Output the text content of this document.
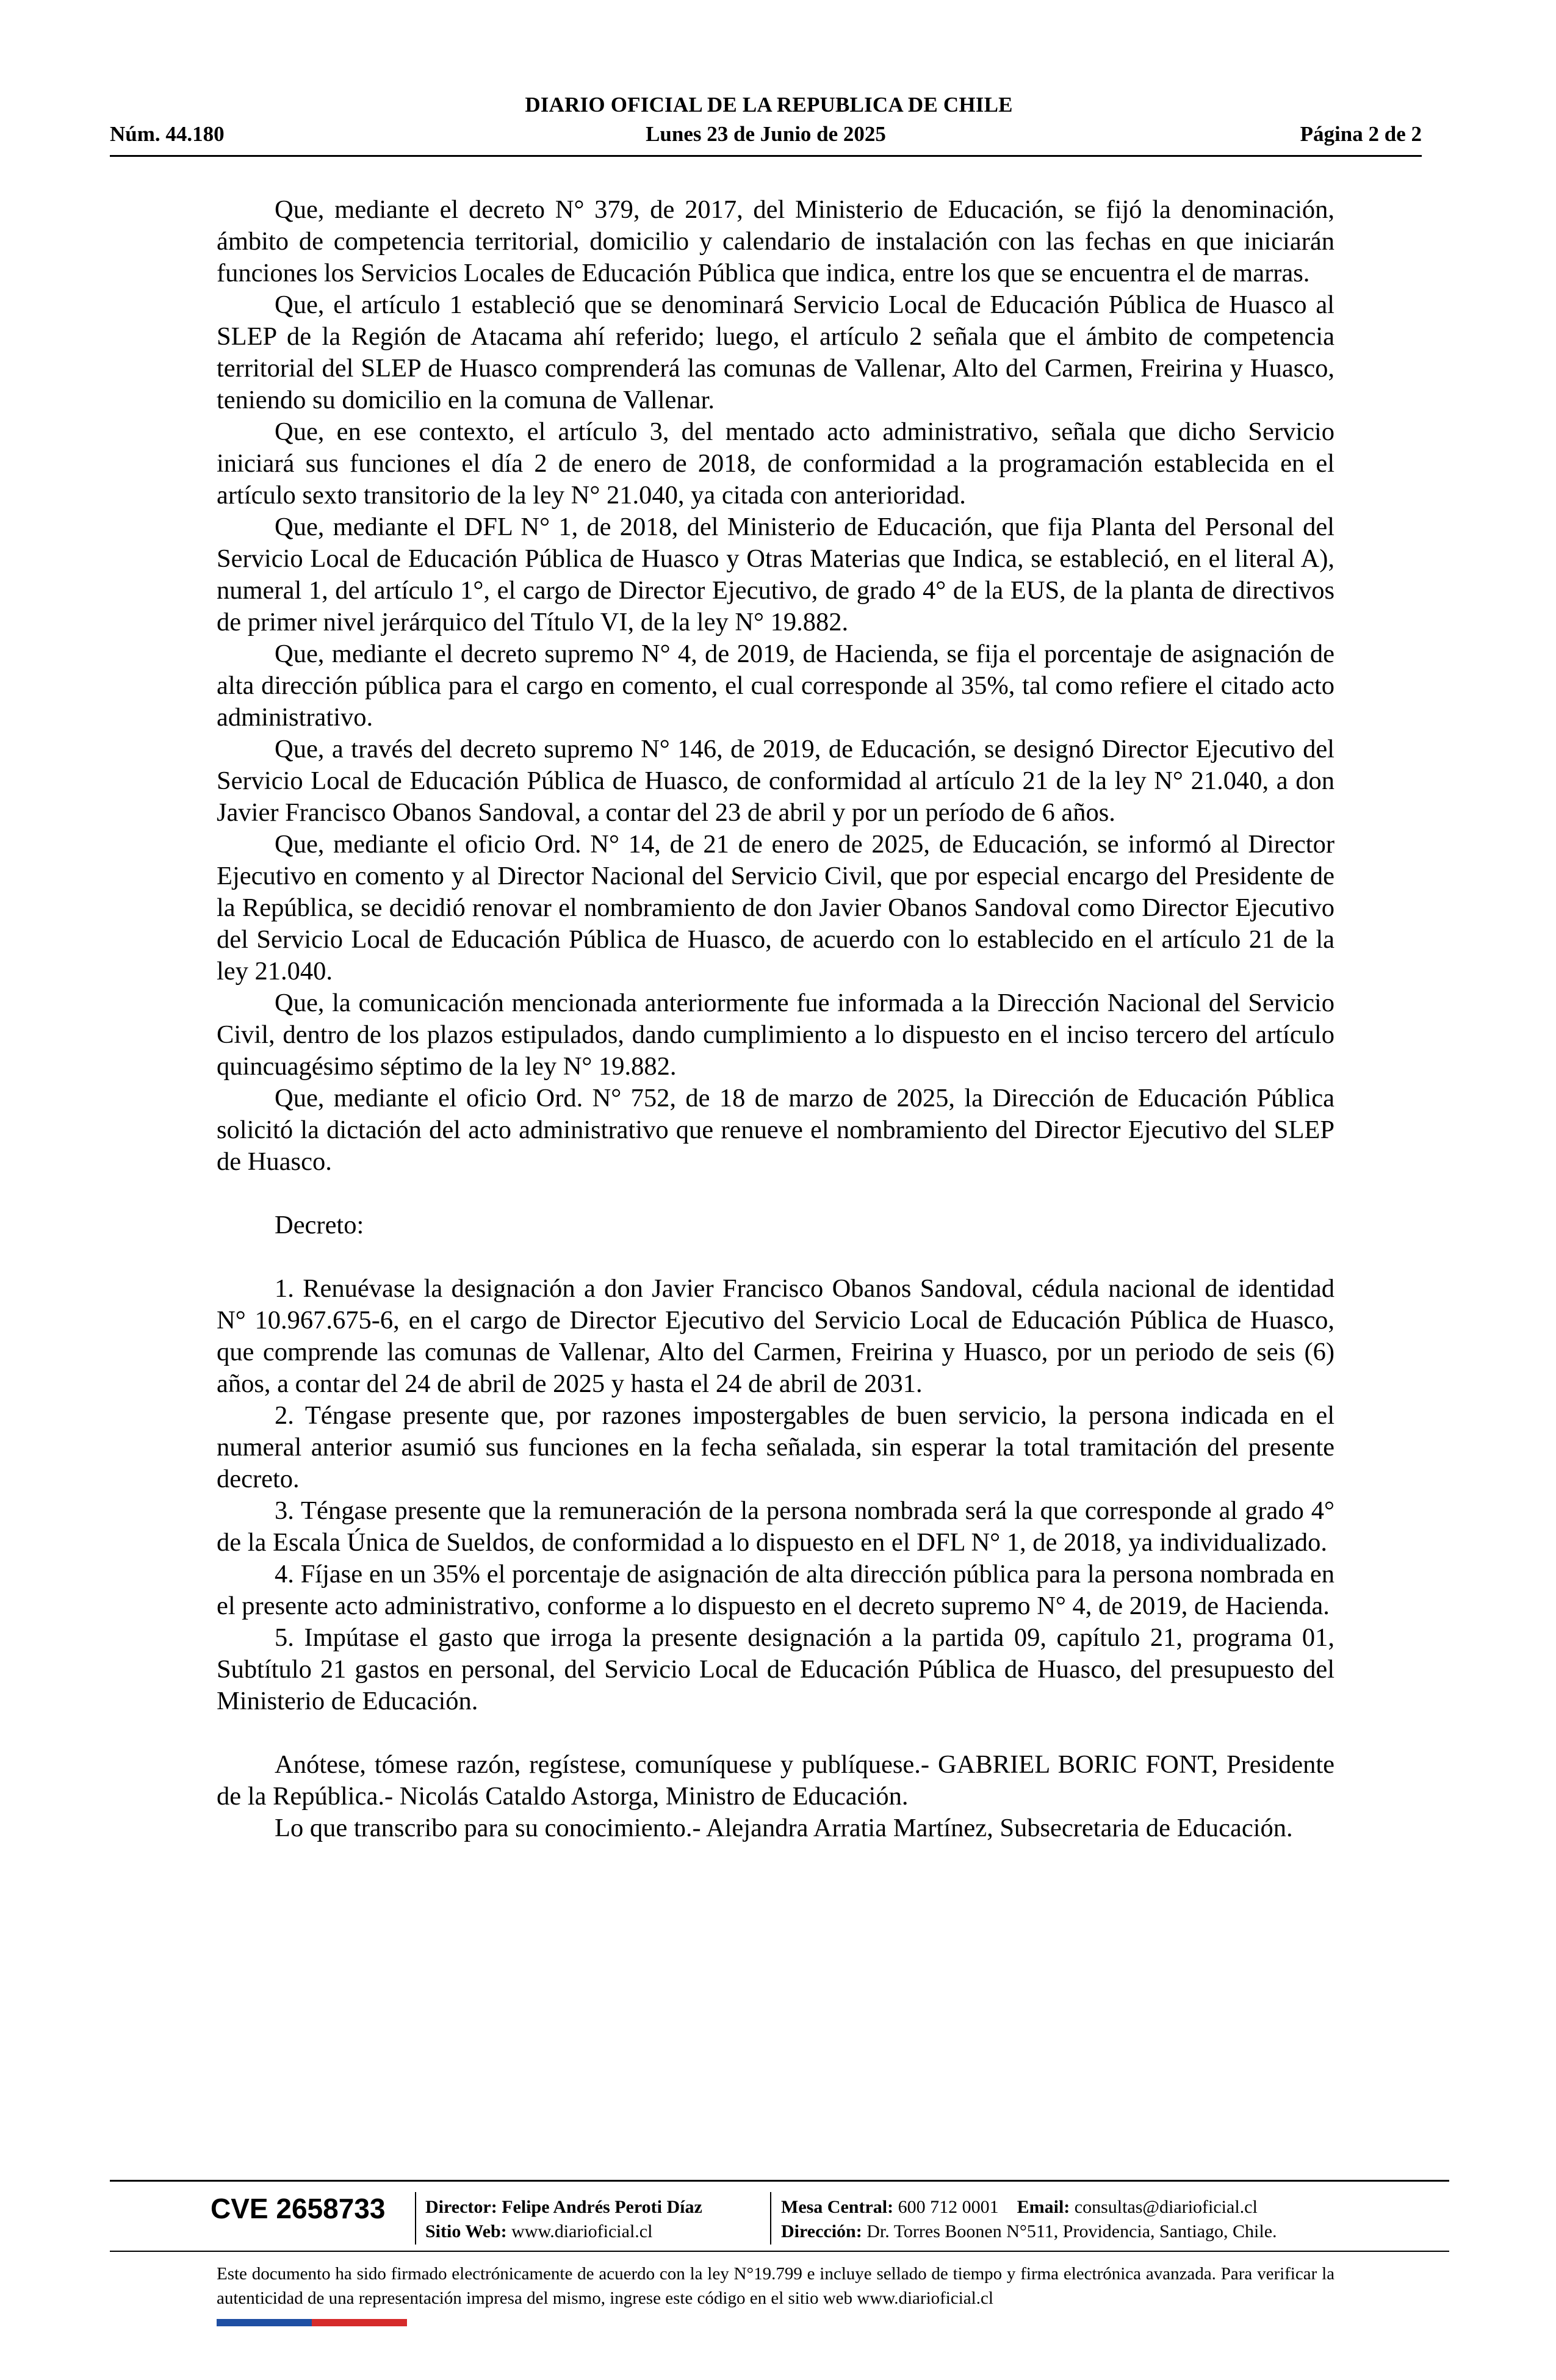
DIARIO OFICIAL DE LA REPUBLICA DE CHILE
Lunes 23 de Junio de 2025
Núm. 44.180	Página 2 de 2

Que, mediante el decreto N° 379, de 2017, del Ministerio de Educación, se fijó la denominación, ámbito de competencia territorial, domicilio y calendario de instalación con las fechas en que iniciarán funciones los Servicios Locales de Educación Pública que indica, entre los que se encuentra el de marras.

Que, el artículo 1 estableció que se denominará Servicio Local de Educación Pública de Huasco al SLEP de la Región de Atacama ahí referido; luego, el artículo 2 señala que el ámbito de competencia territorial del SLEP de Huasco comprenderá las comunas de Vallenar, Alto del Carmen, Freirina y Huasco, teniendo su domicilio en la comuna de Vallenar.

Que, en ese contexto, el artículo 3, del mentado acto administrativo, señala que dicho Servicio iniciará sus funciones el día 2 de enero de 2018, de conformidad a la programación establecida en el artículo sexto transitorio de la ley N° 21.040, ya citada con anterioridad.

Que, mediante el DFL N° 1, de 2018, del Ministerio de Educación, que fija Planta del Personal del Servicio Local de Educación Pública de Huasco y Otras Materias que Indica, se estableció, en el literal A), numeral 1, del artículo 1°, el cargo de Director Ejecutivo, de grado 4° de la EUS, de la planta de directivos de primer nivel jerárquico del Título VI, de la ley N° 19.882.

Que, mediante el decreto supremo N° 4, de 2019, de Hacienda, se fija el porcentaje de asignación de alta dirección pública para el cargo en comento, el cual corresponde al 35%, tal como refiere el citado acto administrativo.

Que, a través del decreto supremo N° 146, de 2019, de Educación, se designó Director Ejecutivo del Servicio Local de Educación Pública de Huasco, de conformidad al artículo 21 de la ley N° 21.040, a don Javier Francisco Obanos Sandoval, a contar del 23 de abril y por un período de 6 años.

Que, mediante el oficio Ord. N° 14, de 21 de enero de 2025, de Educación, se informó al Director Ejecutivo en comento y al Director Nacional del Servicio Civil, que por especial encargo del Presidente de la República, se decidió renovar el nombramiento de don Javier Obanos Sandoval como Director Ejecutivo del Servicio Local de Educación Pública de Huasco, de acuerdo con lo establecido en el artículo 21 de la ley 21.040.

Que, la comunicación mencionada anteriormente fue informada a la Dirección Nacional del Servicio Civil, dentro de los plazos estipulados, dando cumplimiento a lo dispuesto en el inciso tercero del artículo quincuagésimo séptimo de la ley N° 19.882.

Que, mediante el oficio Ord. N° 752, de 18 de marzo de 2025, la Dirección de Educación Pública solicitó la dictación del acto administrativo que renueve el nombramiento del Director Ejecutivo del SLEP de Huasco.

Decreto:

1. Renuévase la designación a don Javier Francisco Obanos Sandoval, cédula nacional de identidad N° 10.967.675-6, en el cargo de Director Ejecutivo del Servicio Local de Educación Pública de Huasco, que comprende las comunas de Vallenar, Alto del Carmen, Freirina y Huasco, por un periodo de seis (6) años, a contar del 24 de abril de 2025 y hasta el 24 de abril de 2031.

2. Téngase presente que, por razones impostergables de buen servicio, la persona indicada en el numeral anterior asumió sus funciones en la fecha señalada, sin esperar la total tramitación del presente decreto.

3. Téngase presente que la remuneración de la persona nombrada será la que corresponde al grado 4° de la Escala Única de Sueldos, de conformidad a lo dispuesto en el DFL N° 1, de 2018, ya individualizado.

4. Fíjase en un 35% el porcentaje de asignación de alta dirección pública para la persona nombrada en el presente acto administrativo, conforme a lo dispuesto en el decreto supremo N° 4, de 2019, de Hacienda.

5. Impútase el gasto que irroga la presente designación a la partida 09, capítulo 21, programa 01, Subtítulo 21 gastos en personal, del Servicio Local de Educación Pública de Huasco, del presupuesto del Ministerio de Educación.

Anótese, tómese razón, regístese, comuníquese y publíquese.- GABRIEL BORIC FONT, Presidente de la República.- Nicolás Cataldo Astorga, Ministro de Educación.

Lo que transcribo para su conocimiento.- Alejandra Arratia Martínez, Subsecretaria de Educación.

CVE 2658733 Director: Felipe Andrés Peroti Díaz
Sitio Web: www.diarioficial.cl
Mesa Central: 600 712 0001 Email: consultas@diarioficial.cl
Dirección: Dr. Torres Boonen N°511, Providencia, Santiago, Chile.
Este documento ha sido firmado electrónicamente de acuerdo con la ley N°19.799 e incluye sellado de tiempo y firma electrónica avanzada. Para verificar la autenticidad de una representación impresa del mismo, ingrese este código en el sitio web www.diarioficial.cl
